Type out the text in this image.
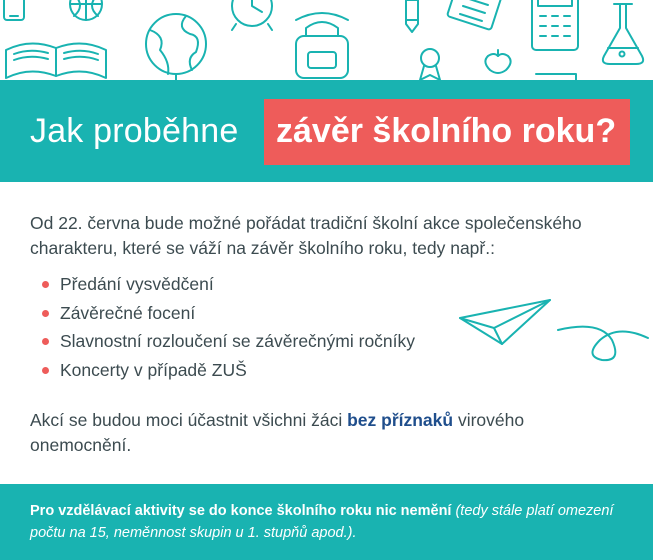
Jak proběhne závěr školního roku?

Od 22. června bude možné pořádat tradiční školní akce společenského charakteru, které se váží na závěr školního roku, tedy např.:

Předání vysvědčení
Závěrečné focení
Slavnostní rozloučení se závěrečnými ročníky
Koncerty v případě ZUŠ

Akcí se budou moci účastnit všichni žáci bez příznaků virového onemocnění.

Pro vzdělávací aktivity se do konce školního roku nic nemění (tedy stále platí omezení počtu na 15, neměnnost skupin u 1. stupňů apod.).
